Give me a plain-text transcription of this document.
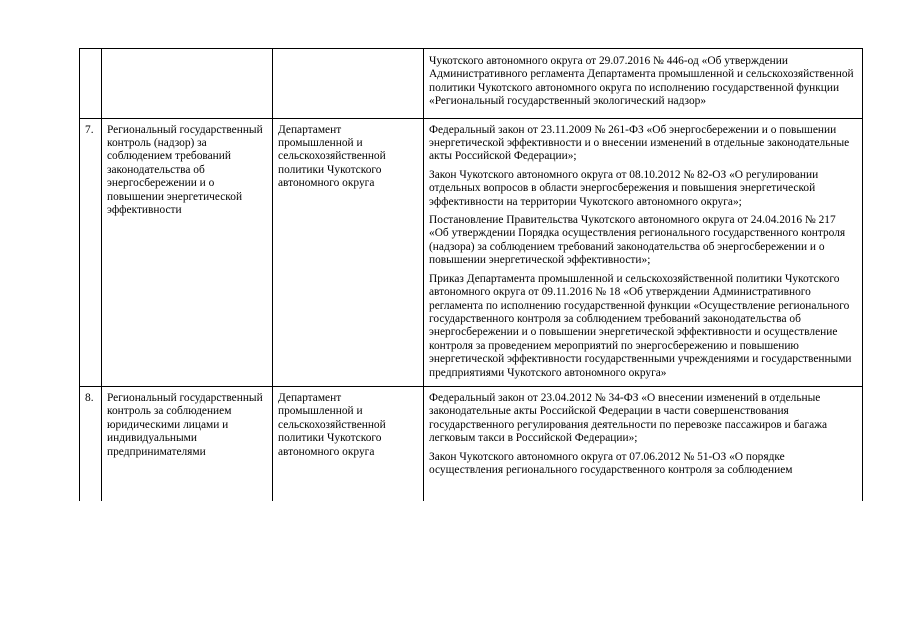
			Чукотского автономного округа от 29.07.2016 № 446-од «Об утверждении Административного регламента Департамента промышленной и сельскохозяйственной политики Чукотского автономного округа по исполнению государственной функции «Региональный государственный экологический надзор»

7.	Региональный государственный контроль (надзор) за соблюдением требований законодательства об энергосбережении и о повышении энергетической эффективности	Департамент промышленной и сельскохозяйственной политики Чукотского автономного округа	Федеральный закон от 23.11.2009 № 261-ФЗ «Об энергосбережении и о повышении энергетической эффективности и о внесении изменений в отдельные законодательные акты Российской Федерации»;

Закон Чукотского автономного округа от 08.10.2012 № 82-ОЗ «О регулировании отдельных вопросов в области энергосбережения и повышения энергетической эффективности на территории Чукотского автономного округа»;

Постановление Правительства Чукотского автономного округа от 24.04.2016 № 217 «Об утверждении Порядка осуществления регионального государственного контроля (надзора) за соблюдением требований законодательства об энергосбережении и о повышении энергетической эффективности»;

Приказ Департамента промышленной и сельскохозяйственной политики Чукотского автономного округа от 09.11.2016 № 18 «Об утверждении Административного регламента по исполнению государственной функции «Осуществление регионального государственного контроля за соблюдением требований законодательства об энергосбережении и о повышении энергетической эффективности и осуществление контроля за проведением мероприятий по энергосбережению и повышению энергетической эффективности государственными учреждениями и государственными предприятиями Чукотского автономного округа»

8.	Региональный государственный контроль за соблюдением юридическими лицами и индивидуальными предпринимателями	Департамент промышленной и сельскохозяйственной политики Чукотского автономного округа	Федеральный закон от 23.04.2012 № 34-ФЗ «О внесении изменений в отдельные законодательные акты Российской Федерации в части совершенствования государственного регулирования деятельности по перевозке пассажиров и багажа легковым такси в Российской Федерации»;

Закон Чукотского автономного округа от 07.06.2012 № 51-ОЗ «О порядке осуществления регионального государственного контроля за соблюдением
